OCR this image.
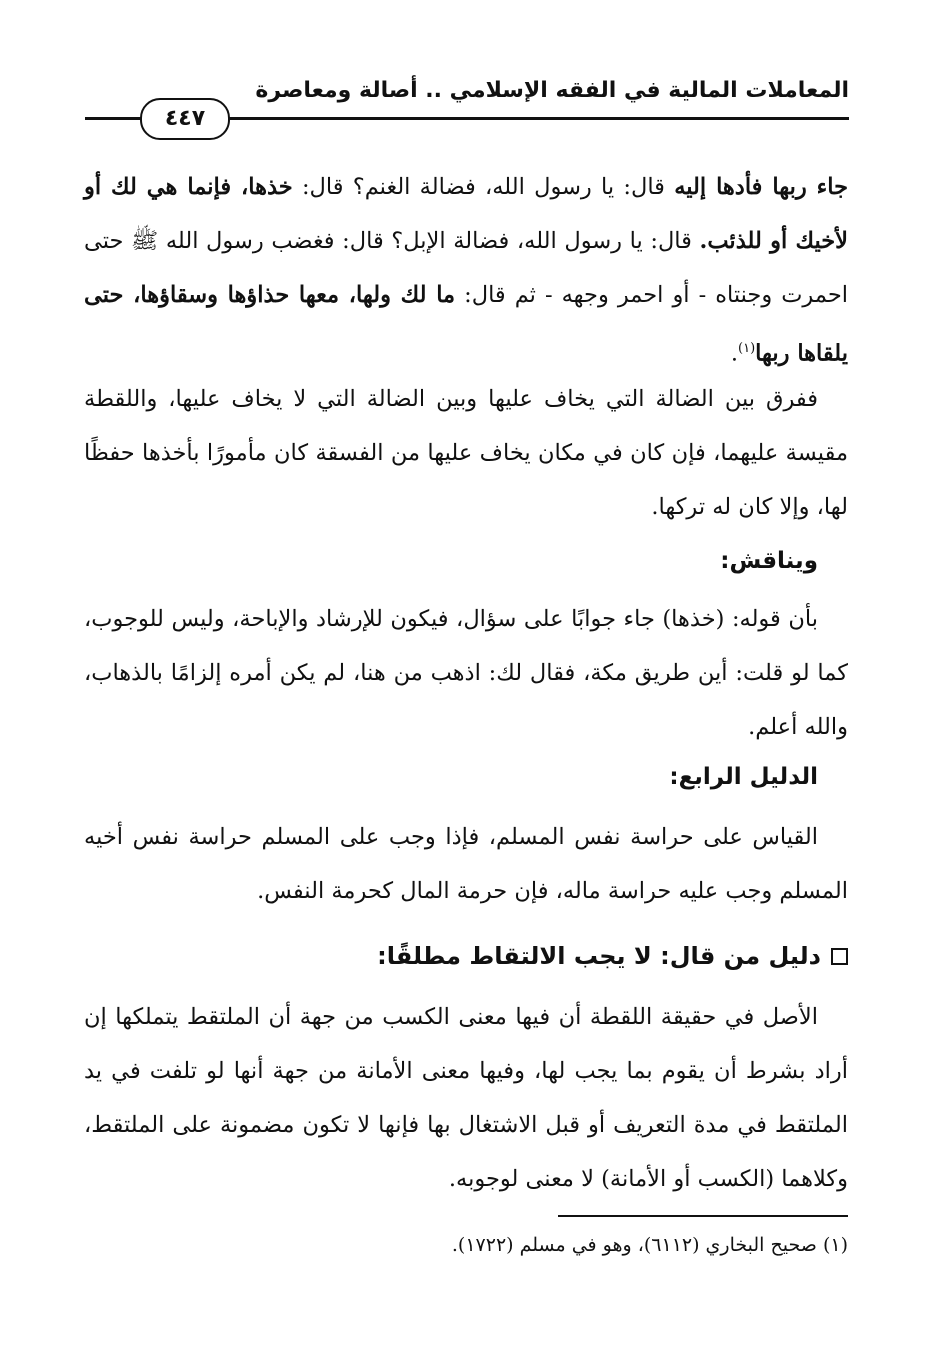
المعاملات المالية في الفقه الإسلامي .. أصالة ومعاصرة
٤٤٧

جاء ربها فأدها إليه قال: يا رسول الله، فضالة الغنم؟ قال: خذها، فإنما هي لك أو لأخيك أو للذئب. قال: يا رسول الله، فضالة الإبل؟ قال: فغضب رسول الله ﷺ حتى احمرت وجنتاه - أو احمر وجهه - ثم قال: ما لك ولها، معها حذاؤها وسقاؤها، حتى يلقاها ربها$^{(١)}$.

ففرق بين الضالة التي يخاف عليها وبين الضالة التي لا يخاف عليها، واللقطة مقيسة عليهما، فإن كان في مكان يخاف عليها من الفسقة كان مأمورًا بأخذها حفظًا لها، وإلا كان له تركها.

ويناقش:

بأن قوله: (خذها) جاء جوابًا على سؤال، فيكون للإرشاد والإباحة، وليس للوجوب، كما لو قلت: أين طريق مكة، فقال لك: اذهب من هنا، لم يكن أمره إلزامًا بالذهاب، والله أعلم.

الدليل الرابع:

القياس على حراسة نفس المسلم، فإذا وجب على المسلم حراسة نفس أخيه المسلم وجب عليه حراسة ماله، فإن حرمة المال كحرمة النفس.

دليل من قال: لا يجب الالتقاط مطلقًا:

الأصل في حقيقة اللقطة أن فيها معنى الكسب من جهة أن الملتقط يتملكها إن أراد بشرط أن يقوم بما يجب لها، وفيها معنى الأمانة من جهة أنها لو تلفت في يد الملتقط في مدة التعريف أو قبل الاشتغال بها فإنها لا تكون مضمونة على الملتقط، وكلاهما (الكسب أو الأمانة) لا معنى لوجوبه.

(١) صحيح البخاري (٦١١٢)، وهو في مسلم (١٧٢٢).
